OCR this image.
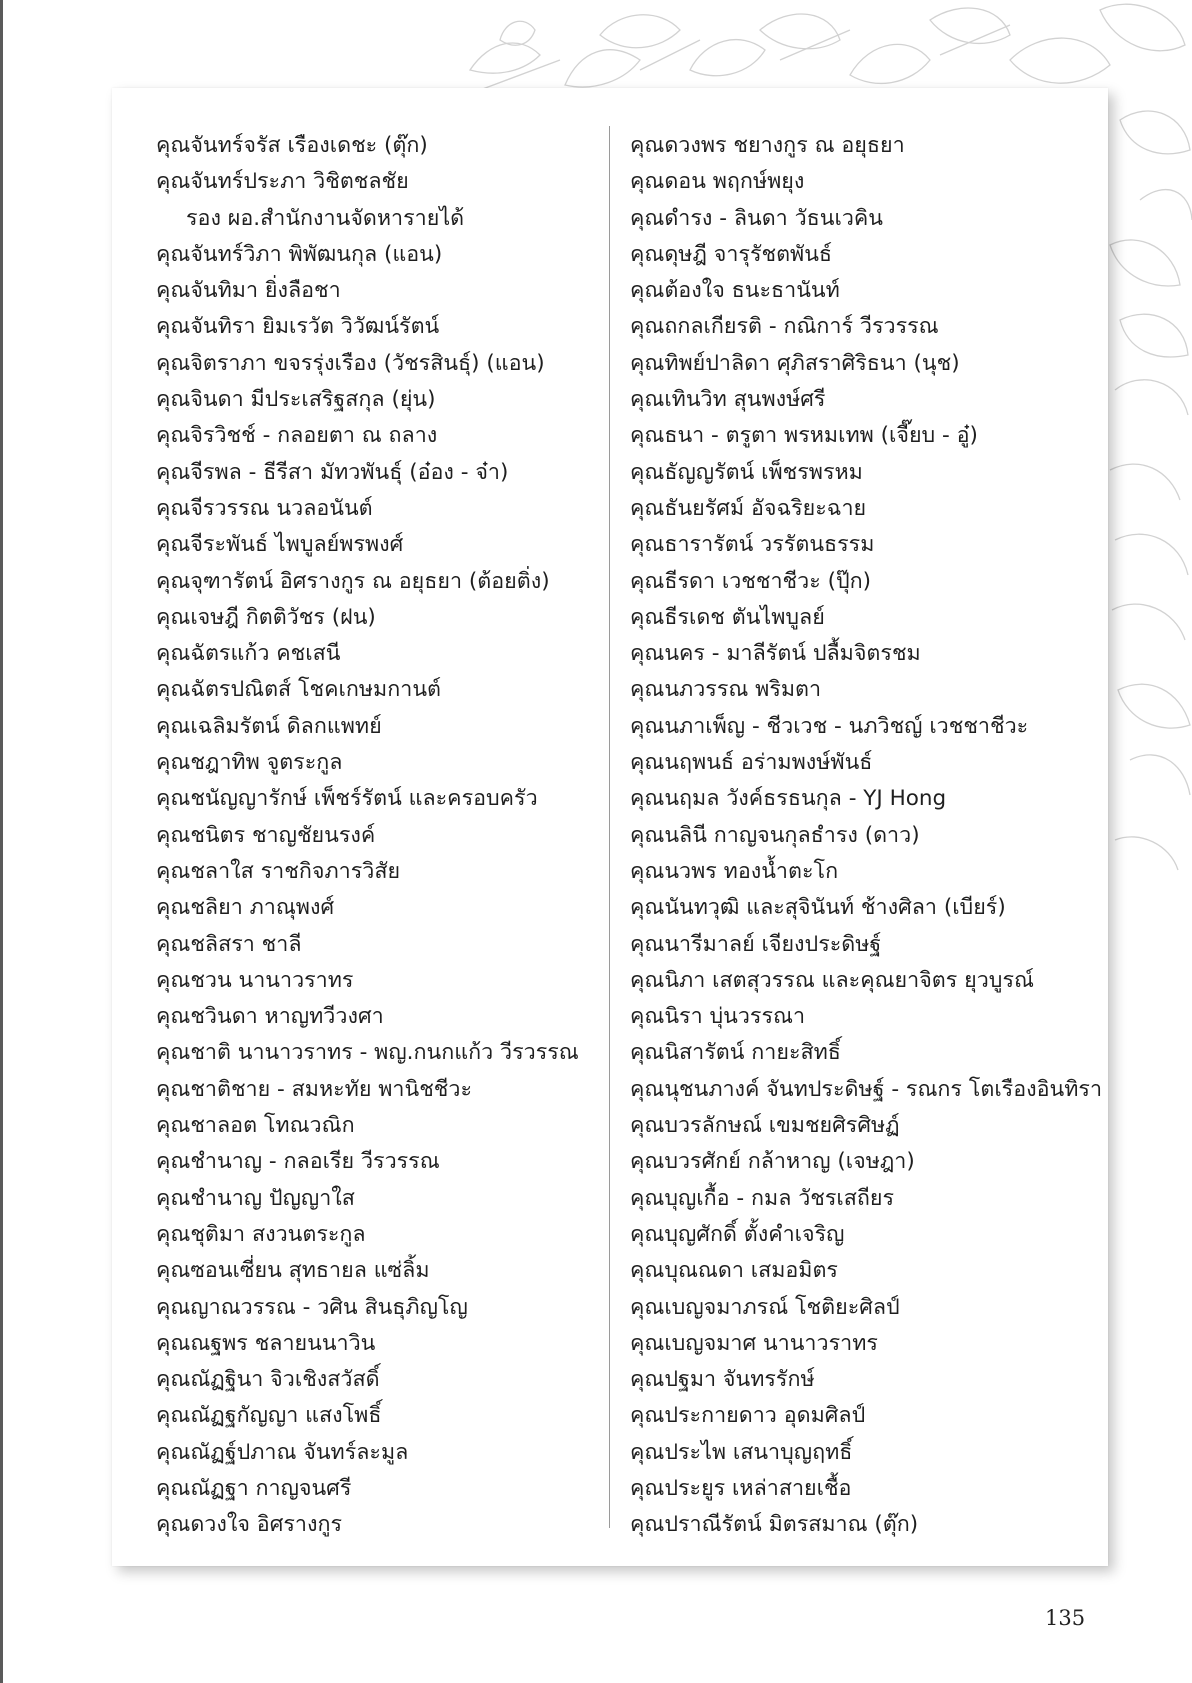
คุณจันทร์จรัส เรืองเดชะ (ตุ๊ก)
คุณจันทร์ประภา วิชิตชลชัย
รอง ผอ.สำนักงานจัดหารายได้
คุณจันทร์วิภา พิพัฒนกุล (แอน)
คุณจันทิมา ยิ่งลือชา
คุณจันทิรา ยิมเรวัต วิวัฒน์รัตน์
คุณจิตราภา ขจรรุ่งเรือง (วัชรสินธุ์) (แอน)
คุณจินดา มีประเสริฐสกุล (ยุ่น)
คุณจิรวิชช์ - กลอยตา ณ ถลาง
คุณจีรพล - ธีรีสา มัทวพันธุ์ (อ๋อง - จ๋า)
คุณจีรวรรณ นวลอนันต์
คุณจีระพันธ์ ไพบูลย์พรพงศ์
คุณจุฑารัตน์ อิศรางกูร ณ อยุธยา (ต้อยติ่ง)
คุณเจษฎี กิตติวัชร (ฝน)
คุณฉัตรแก้ว คชเสนี
คุณฉัตรปณิตส์ โชคเกษมกานต์
คุณเฉลิมรัตน์ ดิลกแพทย์
คุณชฎาทิพ จูตระกูล
คุณชนัญญารักษ์ เพ็ชร์รัตน์ และครอบครัว
คุณชนิตร ชาญชัยนรงค์
คุณชลาใส ราชกิจภารวิสัย
คุณชลิยา ภาณุพงศ์
คุณชลิสรา ชาลี
คุณชวน นานาวราทร
คุณชวินดา หาญทวีวงศา
คุณชาติ นานาวราทร - พญ.กนกแก้ว วีรวรรณ
คุณชาติชาย - สมหะทัย พานิชชีวะ
คุณชาลอต โทณวณิก
คุณชำนาญ - กลอเรีย วีรวรรณ
คุณชำนาญ ปัญญาใส
คุณชุติมา สงวนตระกูล
คุณซอนเซี่ยน สุทธายล แซ่ลิ้ม
คุณญาณวรรณ - วศิน สินธุภิญโญ
คุณณฐพร ชลายนนาวิน
คุณณัฏฐินา จิวเชิงสวัสดิ์
คุณณัฏฐกัญญา แสงโพธิ์
คุณณัฏฐ์ปภาณ จันทร์ละมูล
คุณณัฏฐา กาญจนศรี
คุณดวงใจ อิศรางกูร
คุณดวงพร ชยางกูร ณ อยุธยา
คุณดอน พฤกษ์พยุง
คุณดำรง - ลินดา วัธนเวคิน
คุณดุษฎี จารุรัชตพันธ์
คุณต้องใจ ธนะธานันท์
คุณถกลเกียรติ - กณิการ์ วีรวรรณ
คุณทิพย์ปาลิดา ศุภิสราศิริธนา (นุช)
คุณเทินวิท สุนพงษ์ศรี
คุณธนา - ตรูตา พรหมเทพ (เจี๊ยบ - อู๋)
คุณธัญญรัตน์ เพ็ชรพรหม
คุณธันยรัศม์ อัจฉริยะฉาย
คุณธารารัตน์ วรรัตนธรรม
คุณธีรดา เวชชาชีวะ (ปุ๊ก)
คุณธีรเดช ตันไพบูลย์
คุณนคร - มาลีรัตน์ ปลื้มจิตรชม
คุณนภวรรณ พริมตา
คุณนภาเพ็ญ - ชีวเวช - นภวิชญ์ เวชชาชีวะ
คุณนฤพนธ์ อร่ามพงษ์พันธ์
คุณนฤมล วังค์ธรธนกุล - YJ Hong
คุณนลินี กาญจนกุลธำรง (ดาว)
คุณนวพร ทองน้ำตะโก
คุณนันทวุฒิ และสุจินันท์ ช้างศิลา (เบียร์)
คุณนารีมาลย์ เจียงประดิษฐ์
คุณนิภา เสตสุวรรณ และคุณยาจิตร ยุวบูรณ์
คุณนิรา บุ่นวรรณา
คุณนิสารัตน์ กายะสิทธิ์
คุณนุชนภางค์ จันทประดิษฐ์ - รณกร โตเรืองอินทิรา
คุณบวรลักษณ์ เขมชยศิรศิษฏ์
คุณบวรศักย์ กล้าหาญ (เจษฎา)
คุณบุญเกื้อ - กมล วัชรเสถียร
คุณบุญศักดิ์ ตั้งคำเจริญ
คุณบุณณดา เสมอมิตร
คุณเบญจมาภรณ์ โชติยะศิลป์
คุณเบญจมาศ นานาวราทร
คุณปฐมา จันทรรักษ์
คุณประกายดาว อุดมศิลป์
คุณประไพ เสนาบุญฤทธิ์
คุณประยูร เหล่าสายเชื้อ
คุณปราณีรัตน์ มิตรสมาณ (ตุ๊ก)
135
